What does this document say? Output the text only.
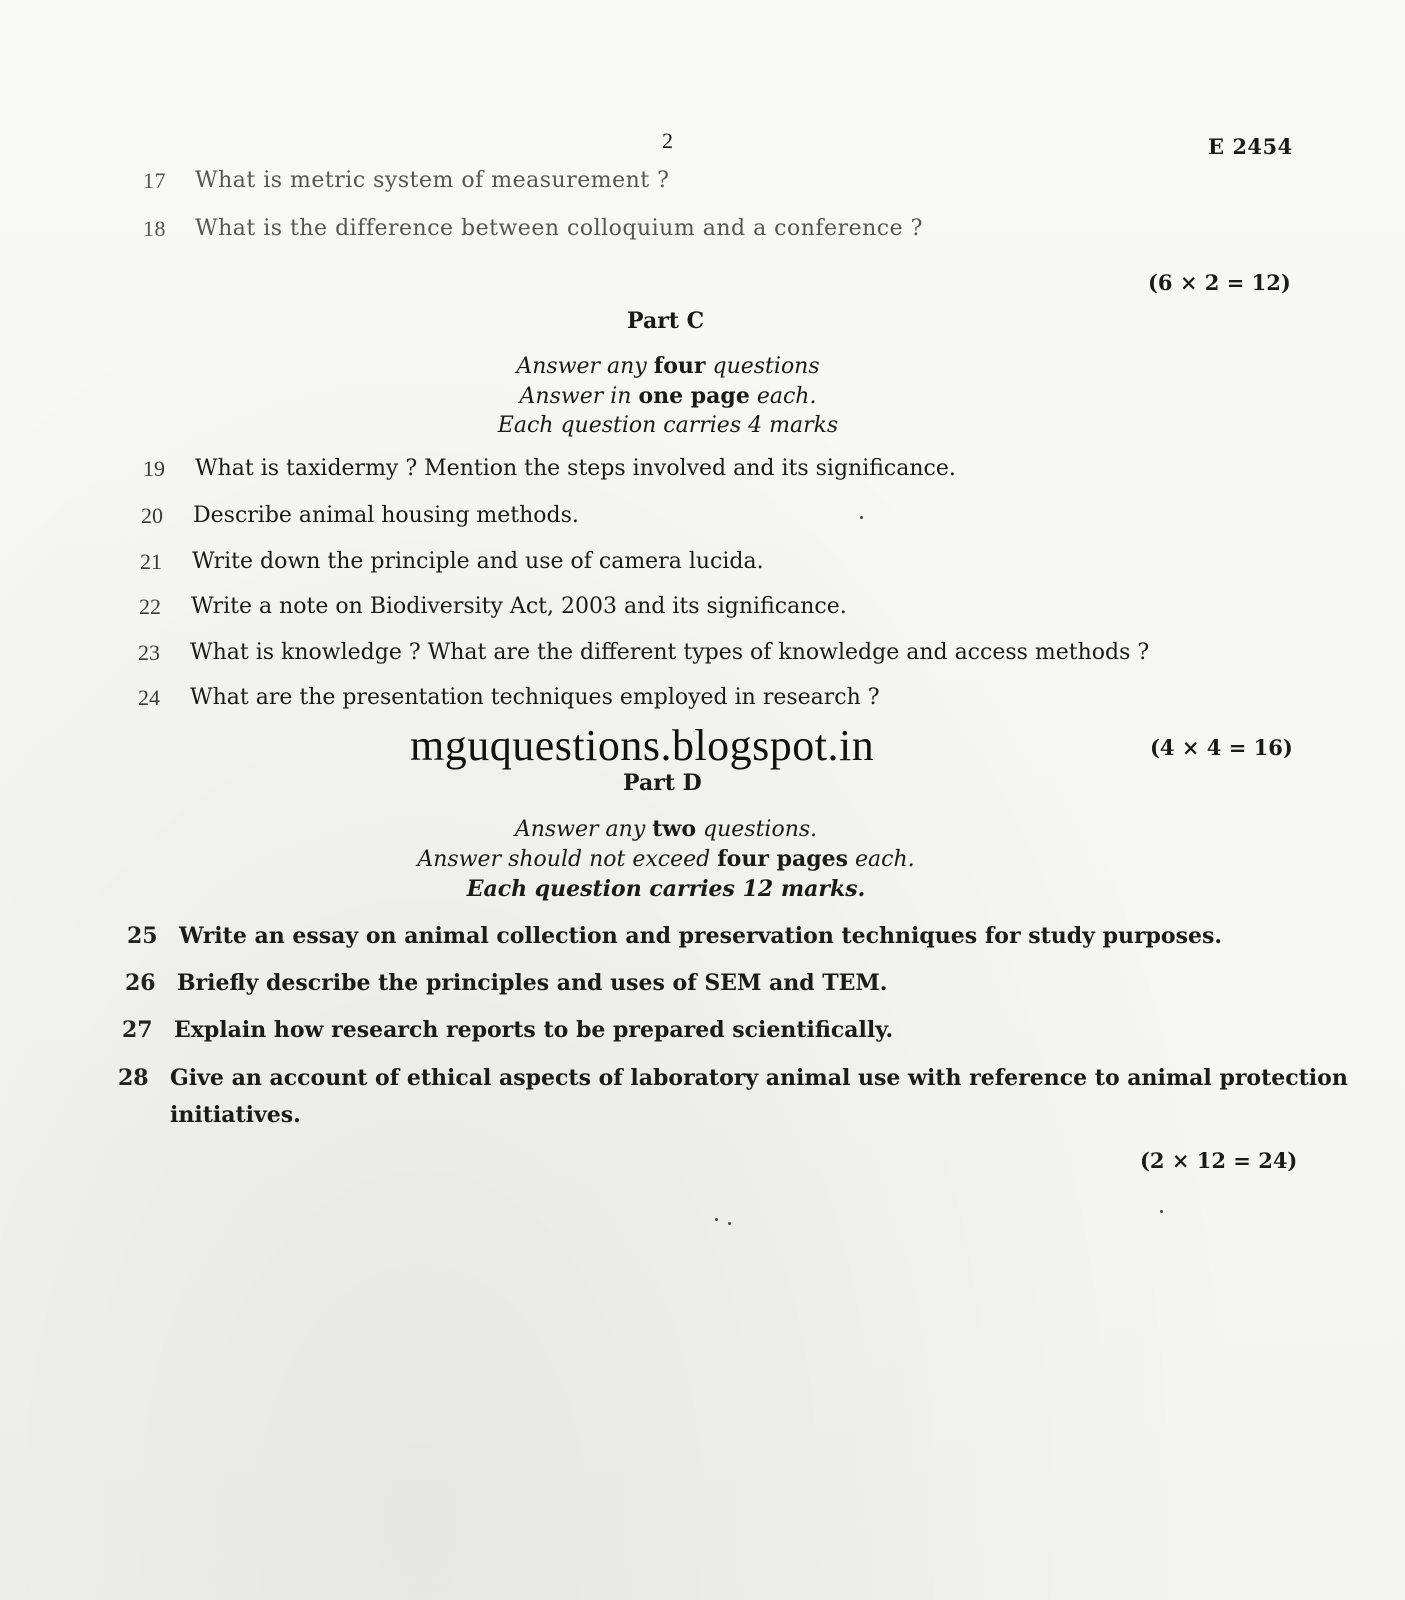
2	E 2454
17 What is metric system of measurement ?
18 What is the difference between colloquium and a conference ?
(6 × 2 = 12)
Part C
Answer any four questions
Answer in one page each.
Each question carries 4 marks
19 What is taxidermy ? Mention the steps involved and its significance.
20 Describe animal housing methods.
21 Write down the principle and use of camera lucida.
22 Write a note on Biodiversity Act, 2003 and its significance.
23 What is knowledge ? What are the different types of knowledge and access methods ?
24 What are the presentation techniques employed in research ?
mguquestions.blogspot.in	(4 × 4 = 16)
Part D
Answer any two questions.
Answer should not exceed four pages each.
Each question carries 12 marks.
25 Write an essay on animal collection and preservation techniques for study purposes.
26 Briefly describe the principles and uses of SEM and TEM.
27 Explain how research reports to be prepared scientifically.
28 Give an account of ethical aspects of laboratory animal use with reference to animal protection
initiatives.
(2 × 12 = 24)
